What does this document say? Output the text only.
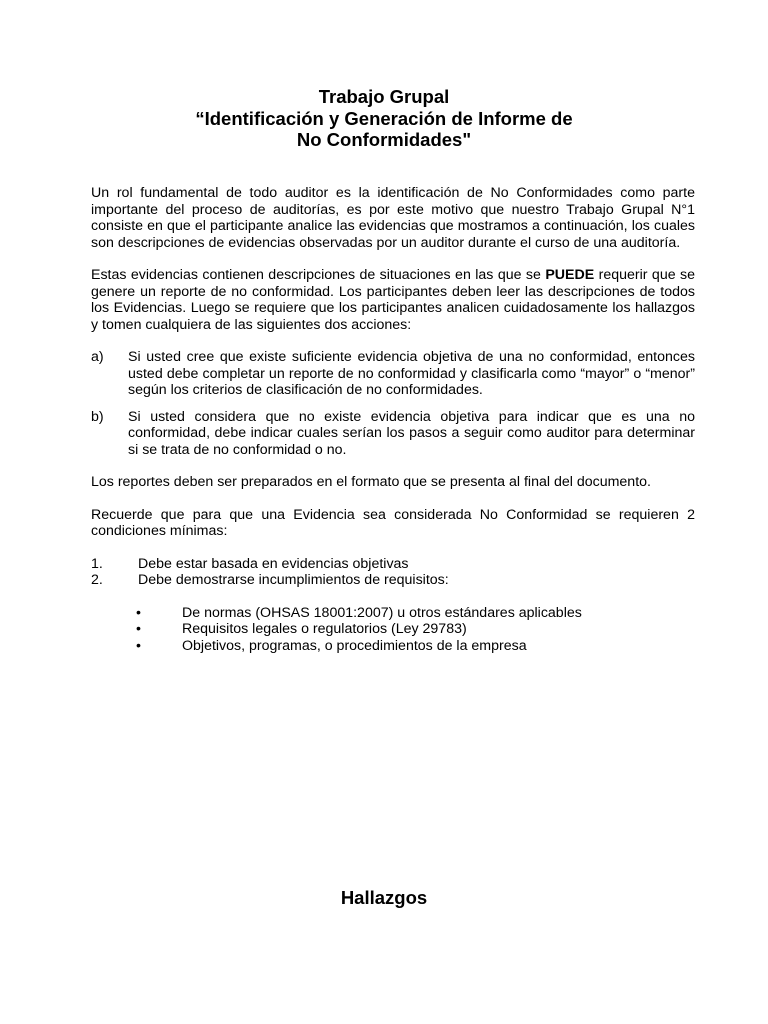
Trabajo Grupal
“Identificación y Generación de Informe de
No Conformidades"

Un rol fundamental de todo auditor es la identificación de No Conformidades como parte importante del proceso de auditorías, es por este motivo que nuestro Trabajo Grupal N°1 consiste en que el participante analice las evidencias que mostramos a continuación, los cuales son descripciones de evidencias observadas por un auditor durante el curso de una auditoría.

Estas evidencias contienen descripciones de situaciones en las que se PUEDE requerir que se genere un reporte de no conformidad. Los participantes deben leer las descripciones de todos los Evidencias. Luego se requiere que los participantes analicen cuidadosamente los hallazgos y tomen cualquiera de las siguientes dos acciones:

a)	Si usted cree que existe suficiente evidencia objetiva de una no conformidad, entonces usted debe completar un reporte de no conformidad y clasificarla como “mayor” o “menor” según los criterios de clasificación de no conformidades.
b)	Si usted considera que no existe evidencia objetiva para indicar que es una no conformidad, debe indicar cuales serían los pasos a seguir como auditor para determinar si se trata de no conformidad o no.

Los reportes deben ser preparados en el formato que se presenta al final del documento.

Recuerde que para que una Evidencia sea considerada No Conformidad se requieren 2 condiciones mínimas:

1.	Debe estar basada en evidencias objetivas
2.	Debe demostrarse incumplimientos de requisitos:
•	De normas (OHSAS 18001:2007) u otros estándares aplicables
•	Requisitos legales o regulatorios (Ley 29783)
•	Objetivos, programas, o procedimientos de la empresa
Hallazgos
